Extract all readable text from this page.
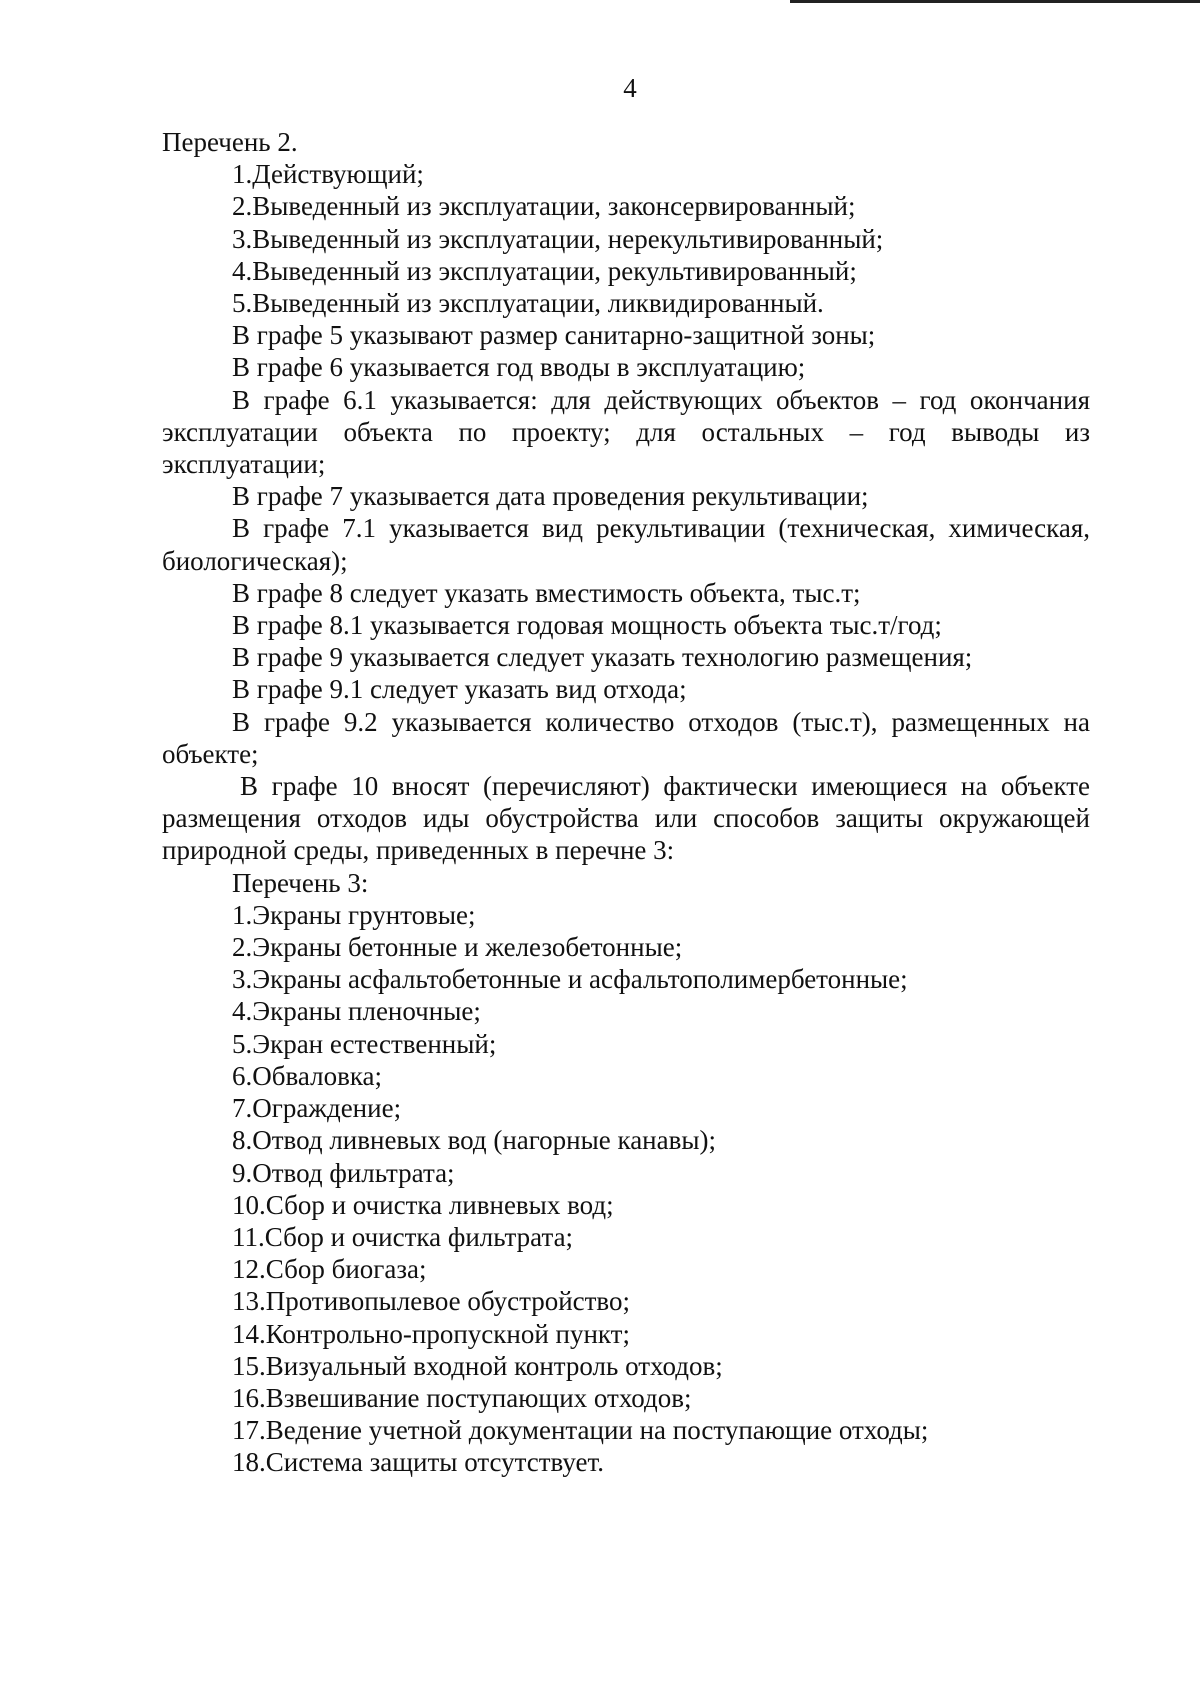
4
Перечень 2.
1.Действующий;
2.Выведенный из эксплуатации, законсервированный;
3.Выведенный из эксплуатации, нерекультивированный;
4.Выведенный из эксплуатации, рекультивированный;
5.Выведенный из эксплуатации, ликвидированный.
В графе 5 указывают размер санитарно-защитной зоны;
В графе 6 указывается год вводы в эксплуатацию;
В графе 6.1 указывается: для действующих объектов – год окончания эксплуатации объекта по проекту; для остальных – год выводы из эксплуатации;
В графе 7 указывается дата проведения рекультивации;
В графе 7.1 указывается вид рекультивации (техническая, химическая, биологическая);
В графе 8 следует указать вместимость объекта, тыс.т;
В графе 8.1 указывается годовая мощность объекта тыс.т/год;
В графе 9 указывается следует указать технологию размещения;
В графе 9.1 следует указать вид отхода;
В графе 9.2 указывается количество отходов (тыс.т), размещенных на объекте;
В графе 10 вносят (перечисляют) фактически имеющиеся на объекте размещения отходов иды обустройства или способов защиты окружающей природной среды, приведенных в перечне 3:
Перечень 3:
1.Экраны грунтовые;
2.Экраны бетонные и железобетонные;
3.Экраны асфальтобетонные и асфальтополимербетонные;
4.Экраны пленочные;
5.Экран естественный;
6.Обваловка;
7.Ограждение;
8.Отвод ливневых вод (нагорные канавы);
9.Отвод фильтрата;
10.Сбор и очистка ливневых вод;
11.Сбор и очистка фильтрата;
12.Сбор биогаза;
13.Противопылевое обустройство;
14.Контрольно-пропускной пункт;
15.Визуальный входной контроль отходов;
16.Взвешивание поступающих отходов;
17.Ведение учетной документации на поступающие отходы;
18.Система защиты отсутствует.
